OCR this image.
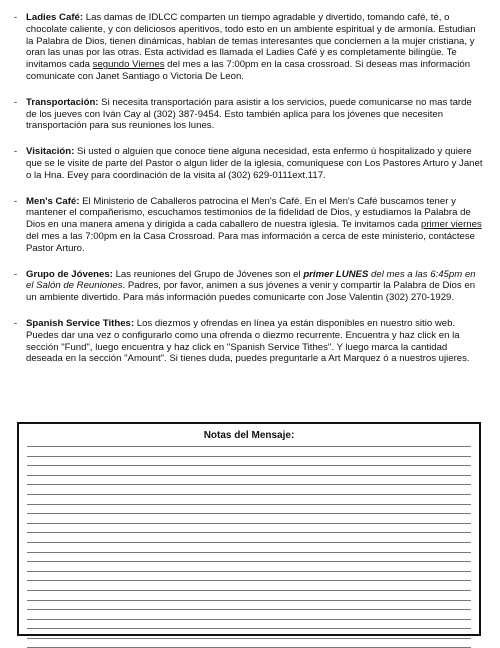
- Ladies Café: Las damas de IDLCC comparten un tiempo agradable y divertido, tomando café, té, o chocolate caliente, y con deliciosos aperitivos, todo esto en un ambiente espiritual y de armonía. Estudian la Palabra de Dios, tienen dinámicas, hablan de temas interesantes que conciernen a la mujer cristiana, y oran las unas por las otras. Esta actividad es llamada el Ladies Café y es completamente bilingüe. Te invitamos cada segundo Viernes del mes a las 7:00pm en la casa crossroad. Si deseas mas información comunicate con Janet Santiago o Victoria De Leon.
- Transportación: Si necesita transportación para asistir a los servicios, puede comunicarse no mas tarde de los jueves con Iván Cay al (302) 387-9454. Esto también aplica para los jóvenes que necesiten transportación para sus reuniones los lunes.
- Visitación: Si usted o alguien que conoce tiene alguna necesidad, esta enfermo ú hospitalizado y quiere que se le visite de parte del Pastor o algun lider de la iglesia, comuniquese con Los Pastores Arturo y Janet o la Hna. Evey para coordinación de la visita al (302) 629-0111ext.117.
- Men's Café: El Ministerio de Caballeros patrocina el Men's Café. En el Men's Café buscamos tener y mantener el compañerismo, escuchamos testimonios de la fidelidad de Dios, y estudiamos la Palabra de Dios en una manera amena y dirigida a cada caballero de nuestra iglesia. Te invitamos cada primer viernes del mes a las 7:00pm en la Casa Crossroad. Para mas información a cerca de este ministerio, contáctese Pastor Arturo.
- Grupo de Jóvenes: Las reuniones del Grupo de Jóvenes son el primer LUNES del mes a las 6:45pm en el Salón de Reuniones. Padres, por favor, animen a sus jóvenes a venir y compartir la Palabra de Dios en un ambiente divertido. Para más información puedes comunicarte con Jose Valentin (302) 270-1929.
- Spanish Service Tithes: Los diezmos y ofrendas en línea ya están disponibles en nuestro sitio web. Puedes dar una vez o configurarlo como una ofrenda o diezmo recurrente. Encuentra y haz click en la sección "Fund", luego encuentra y haz click en "Spanish Service Tithes". Y luego marca la cantidad deseada en la sección "Amount". Si tienes duda, puedes preguntarle a Art Marquez ó a nuestros ujieres.
Notas del Mensaje:
